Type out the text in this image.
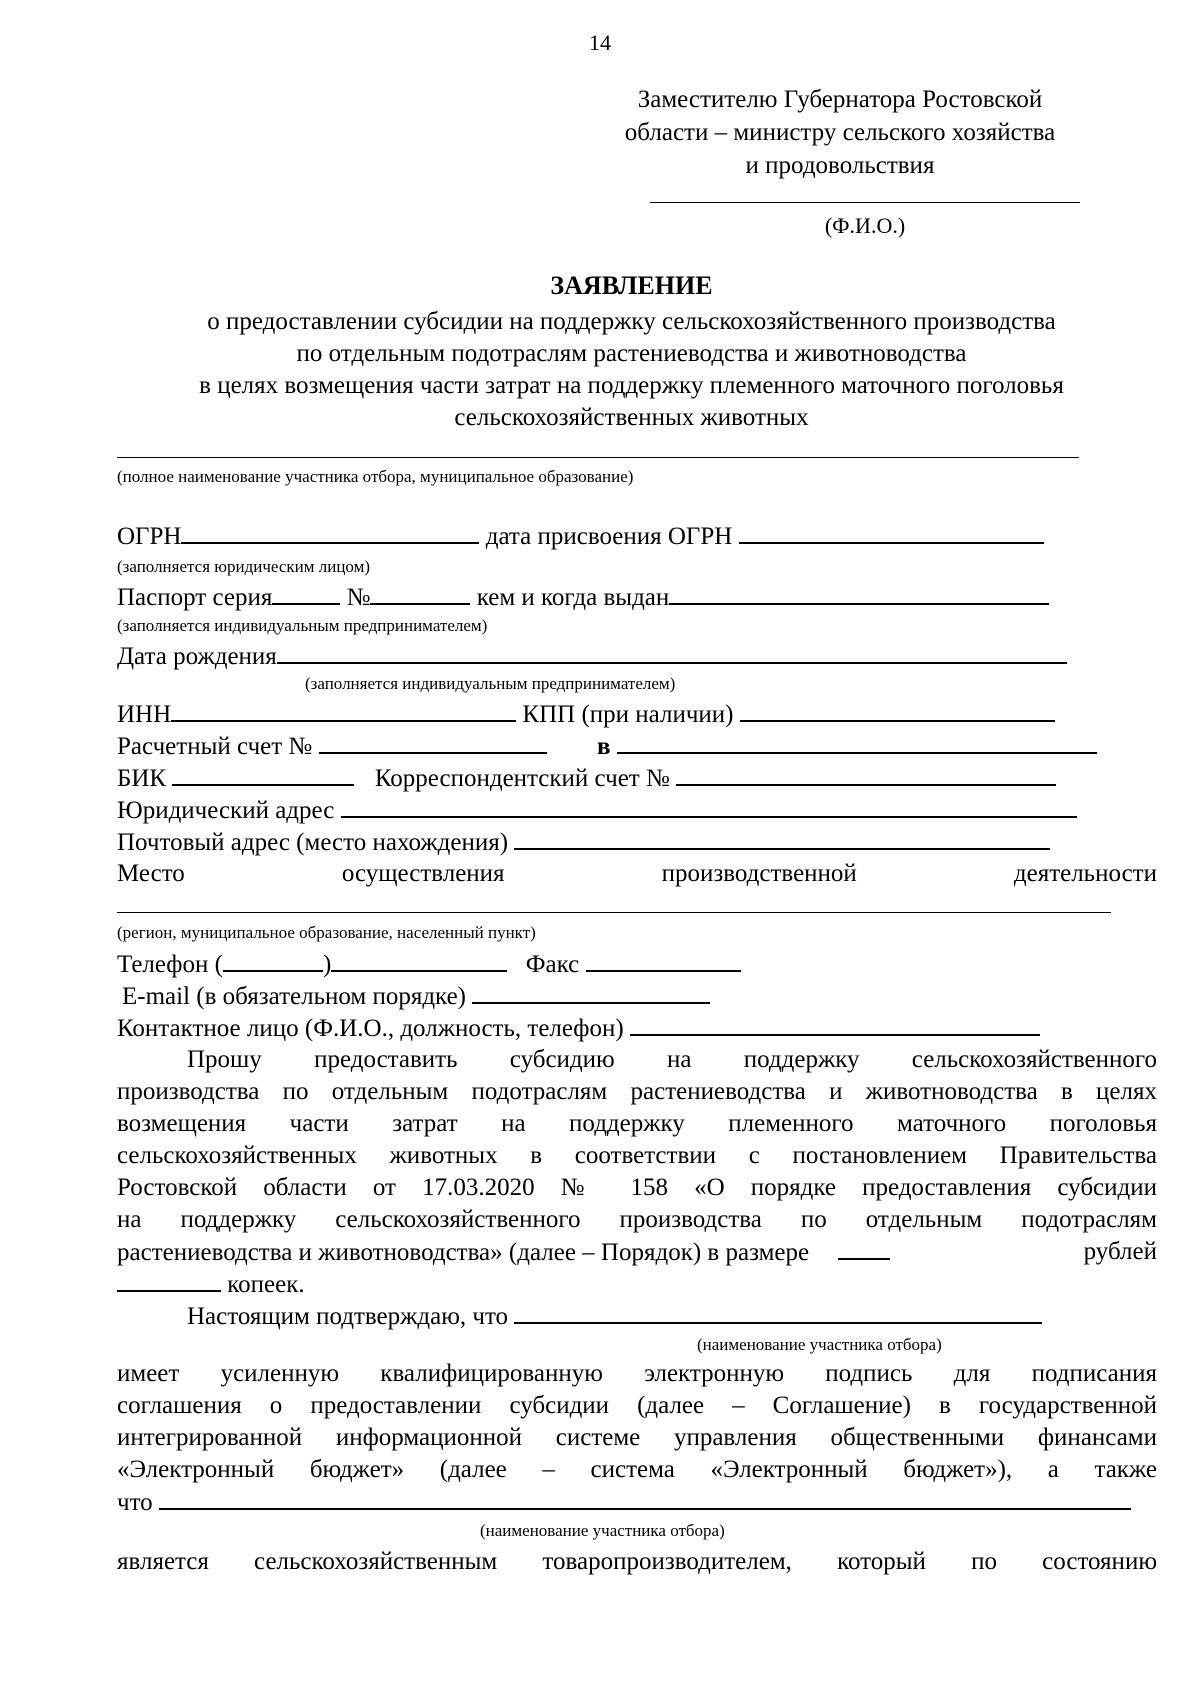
14
Заместителю Губернатора Ростовской
области – министру сельского хозяйства
и продовольствия
(Ф.И.О.)
ЗАЯВЛЕНИЕ
о предоставлении субсидии на поддержку сельскохозяйственного производства
по отдельным подотраслям растениеводства и животноводства
в целях возмещения части затрат на поддержку племенного маточного поголовья
сельскохозяйственных животных
(полное наименование участника отбора, муниципальное образование)
ОГРН	дата присвоения ОГРН
(заполняется юридическим лицом)
Паспорт серия	№	кем и когда выдан
(заполняется индивидуальным предпринимателем)
Дата рождения
(заполняется индивидуальным предпринимателем)
ИНН	КПП (при наличии)
Расчетный счет №	в
БИК	Корреспондентский счет №
Юридический адрес
Почтовый адрес (место нахождения)
Место	осуществления	производственной	деятельности
(регион, муниципальное образование, населенный пункт)
Телефон (	)	Факс
E-mail (в обязательном порядке)
Контактное лицо (Ф.И.О., должность, телефон)
Прошу предоставить субсидию на поддержку сельскохозяйственного
производства по отдельным подотраслям растениеводства и животноводства в целях
возмещения части затрат на поддержку племенного маточного поголовья
сельскохозяйственных животных в соответствии с постановлением Правительства
Ростовской области от 17.03.2020 № 158 «О порядке предоставления субсидии
на поддержку сельскохозяйственного производства по отдельным подотраслям
растениеводства и животноводства» (далее – Порядок) в размере	рублей
копеек.
Настоящим подтверждаю, что
(наименование участника отбора)
имеет усиленную квалифицированную электронную подпись для подписания
соглашения о предоставлении субсидии (далее – Соглашение) в государственной
интегрированной информационной системе управления общественными финансами
«Электронный бюджет» (далее – система «Электронный бюджет»), а также
что
(наименование участника отбора)
является сельскохозяйственным товаропроизводителем, который по состоянию
